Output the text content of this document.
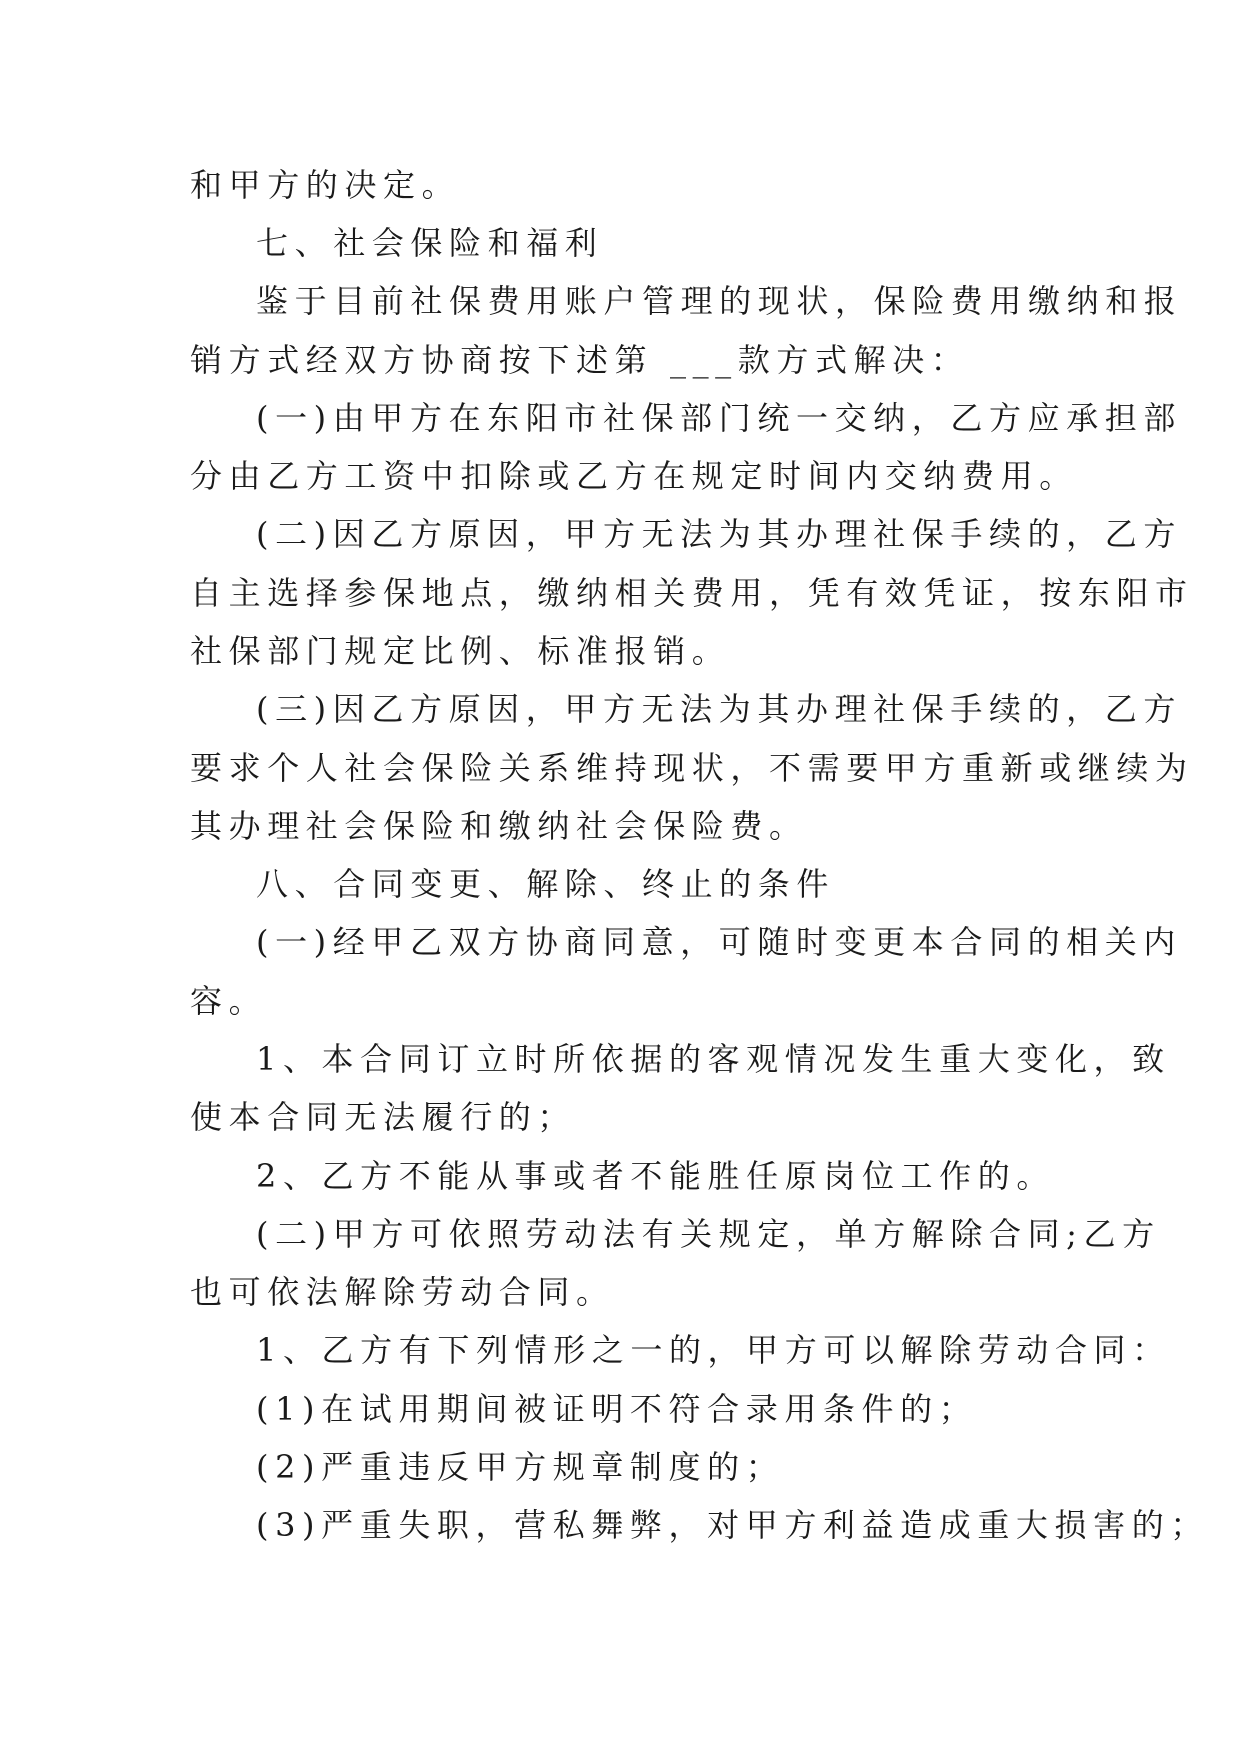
和甲方的决定。
七、社会保险和福利
鉴于目前社保费用账户管理的现状，保险费用缴纳和报
销方式经双方协商按下述第 ___款方式解决：
(一)由甲方在东阳市社保部门统一交纳，乙方应承担部
分由乙方工资中扣除或乙方在规定时间内交纳费用。
(二)因乙方原因，甲方无法为其办理社保手续的，乙方
自主选择参保地点，缴纳相关费用，凭有效凭证，按东阳市
社保部门规定比例、标准报销。
(三)因乙方原因，甲方无法为其办理社保手续的，乙方
要求个人社会保险关系维持现状，不需要甲方重新或继续为
其办理社会保险和缴纳社会保险费。
八、合同变更、解除、终止的条件
(一)经甲乙双方协商同意，可随时变更本合同的相关内
容。
1、本合同订立时所依据的客观情况发生重大变化，致
使本合同无法履行的；
2、乙方不能从事或者不能胜任原岗位工作的。
(二)甲方可依照劳动法有关规定，单方解除合同;乙方
也可依法解除劳动合同。
1、乙方有下列情形之一的，甲方可以解除劳动合同：
(1)在试用期间被证明不符合录用条件的；
(2)严重违反甲方规章制度的；
(3)严重失职，营私舞弊，对甲方利益造成重大损害的；
